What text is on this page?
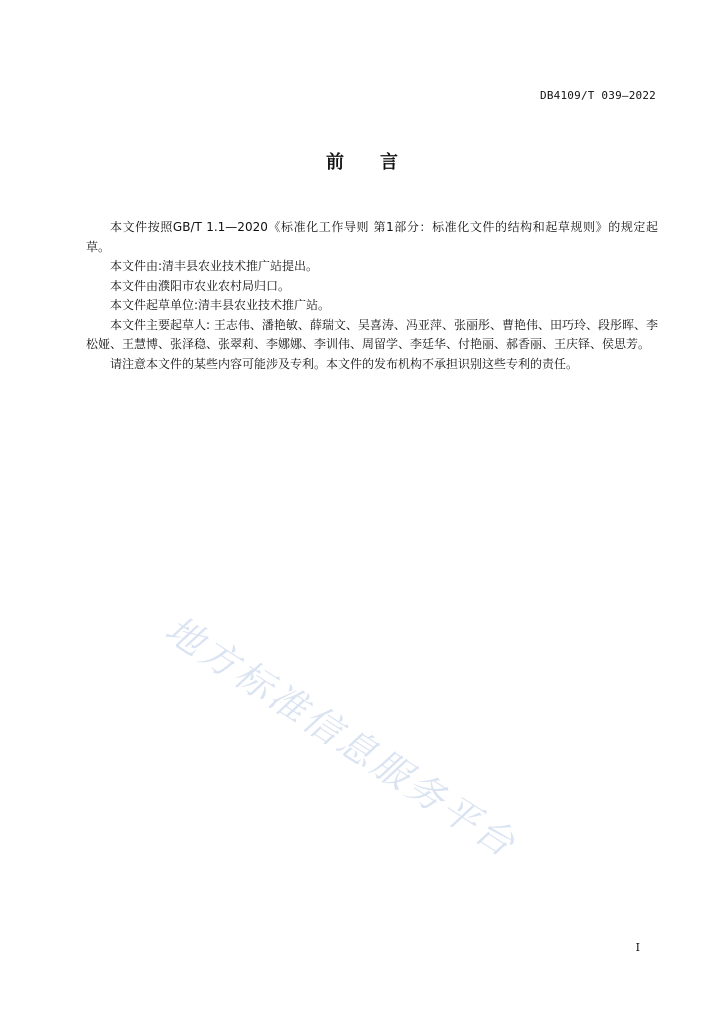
DB4109/T 039—2022
前 言

本文件按照GB/T 1.1—2020《标准化工作导则 第1部分：标准化文件的结构和起草规则》的规定起草。

本文件由:清丰县农业技术推广站提出。

本文件由濮阳市农业农村局归口。

本文件起草单位:清丰县农业技术推广站。

本文件主要起草人: 王志伟、潘艳敏、薛瑞文、吴喜涛、冯亚萍、张丽彤、曹艳伟、田巧玲、段彤晖、李松娅、王慧博、张泽稳、张翠莉、李娜娜、李训伟、周留学、李廷华、付艳丽、郝香丽、王庆铎、侯思芳。

请注意本文件的某些内容可能涉及专利。本文件的发布机构不承担识别这些专利的责任。

地方标准信息服务平台
I
